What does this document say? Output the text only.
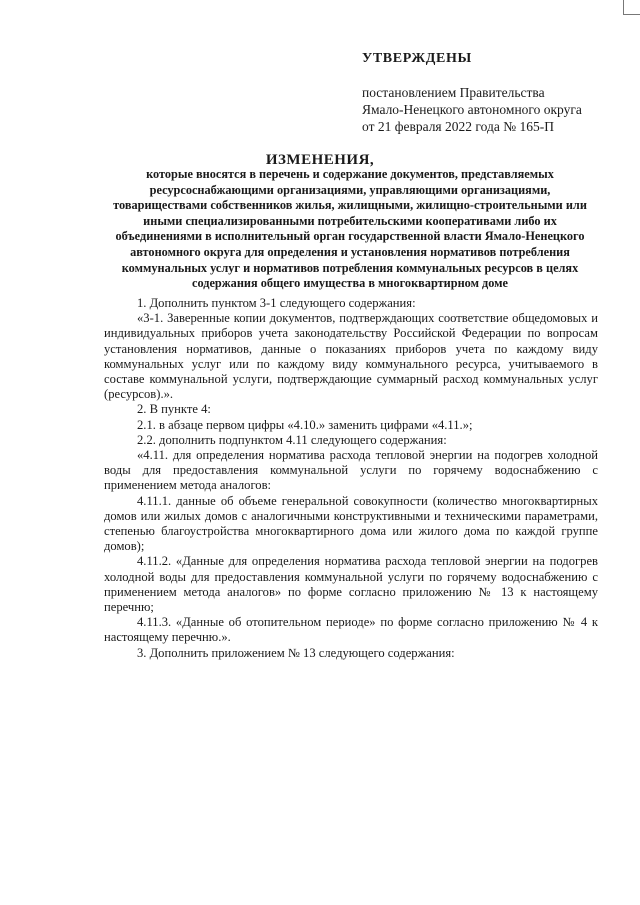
УТВЕРЖДЕНЫ
постановлением Правительства
Ямало-Ненецкого автономного округа
от 21 февраля 2022 года № 165-П
ИЗМЕНЕНИЯ,
которые вносятся в перечень и содержание документов, представляемых ресурсоснабжающими организациями, управляющими организациями, товариществами собственников жилья, жилищными, жилищно-строительными или иными специализированными потребительскими кооперативами либо их объединениями в исполнительный орган государственной власти Ямало-Ненецкого автономного округа для определения и установления нормативов потребления коммунальных услуг и нормативов потребления коммунальных ресурсов в целях содержания общего имущества в многоквартирном доме

1. Дополнить пунктом 3-1 следующего содержания:

«3-1. Заверенные копии документов, подтверждающих соответствие общедомовых и индивидуальных приборов учета законодательству Российской Федерации по вопросам установления нормативов, данные о показаниях приборов учета по каждому виду коммунальных услуг или по каждому виду коммунального ресурса, учитываемого в составе коммунальной услуги, подтверждающие суммарный расход коммунальных услуг (ресурсов).».

2. В пункте 4:

2.1. в абзаце первом цифры «4.10.» заменить цифрами «4.11.»;

2.2. дополнить подпунктом 4.11 следующего содержания:

«4.11. для определения норматива расхода тепловой энергии на подогрев холодной воды для предоставления коммунальной услуги по горячему водоснабжению с применением метода аналогов:

4.11.1. данные об объеме генеральной совокупности (количество многоквартирных домов или жилых домов с аналогичными конструктивными и техническими параметрами, степенью благоустройства многоквартирного дома или жилого дома по каждой группе домов);

4.11.2. «Данные для определения норматива расхода тепловой энергии на подогрев холодной воды для предоставления коммунальной услуги по горячему водоснабжению с применением метода аналогов» по форме согласно приложению № 13 к настоящему перечню;

4.11.3. «Данные об отопительном периоде» по форме согласно приложению № 4 к настоящему перечню.».

3. Дополнить приложением № 13 следующего содержания:
